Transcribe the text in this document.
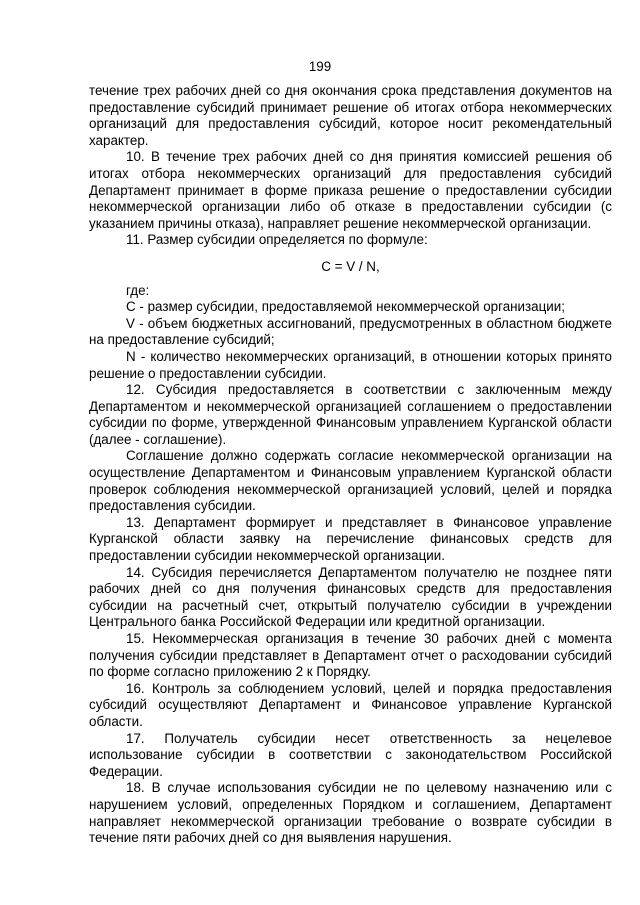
199

течение трех рабочих дней со дня окончания срока представления документов на предоставление субсидий принимает решение об итогах отбора некоммерческих организаций для предоставления субсидий, которое носит рекомендательный характер.

10. В течение трех рабочих дней со дня принятия комиссией решения об итогах отбора некоммерческих организаций для предоставления субсидий Департамент принимает в форме приказа решение о предоставлении субсидии некоммерческой организации либо об отказе в предоставлении субсидии (с указанием причины отказа), направляет решение некоммерческой организации.

11. Размер субсидии определяется по формуле:

C = V / N,

где:

C - размер субсидии, предоставляемой некоммерческой организации;

V - объем бюджетных ассигнований, предусмотренных в областном бюджете на предоставление субсидий;

N - количество некоммерческих организаций, в отношении которых принято решение о предоставлении субсидии.

12. Субсидия предоставляется в соответствии с заключенным между Департаментом и некоммерческой организацией соглашением о предоставлении субсидии по форме, утвержденной Финансовым управлением Курганской области (далее - соглашение).

Соглашение должно содержать согласие некоммерческой организации на осуществление Департаментом и Финансовым управлением Курганской области проверок соблюдения некоммерческой организацией условий, целей и порядка предоставления субсидии.

13. Департамент формирует и представляет в Финансовое управление Курганской области заявку на перечисление финансовых средств для предоставлении субсидии некоммерческой организации.

14. Субсидия перечисляется Департаментом получателю не позднее пяти рабочих дней со дня получения финансовых средств для предоставления субсидии на расчетный счет, открытый получателю субсидии в учреждении Центрального банка Российской Федерации или кредитной организации.

15. Некоммерческая организация в течение 30 рабочих дней с момента получения субсидии представляет в Департамент отчет о расходовании субсидий по форме согласно приложению 2 к Порядку.

16. Контроль за соблюдением условий, целей и порядка предоставления субсидий осуществляют Департамент и Финансовое управление Курганской области.

17. Получатель субсидии несет ответственность за нецелевое использование субсидии в соответствии с законодательством Российской Федерации.

18. В случае использования субсидии не по целевому назначению или с нарушением условий, определенных Порядком и соглашением, Департамент направляет некоммерческой организации требование о возврате субсидии в течение пяти рабочих дней со дня выявления нарушения.
